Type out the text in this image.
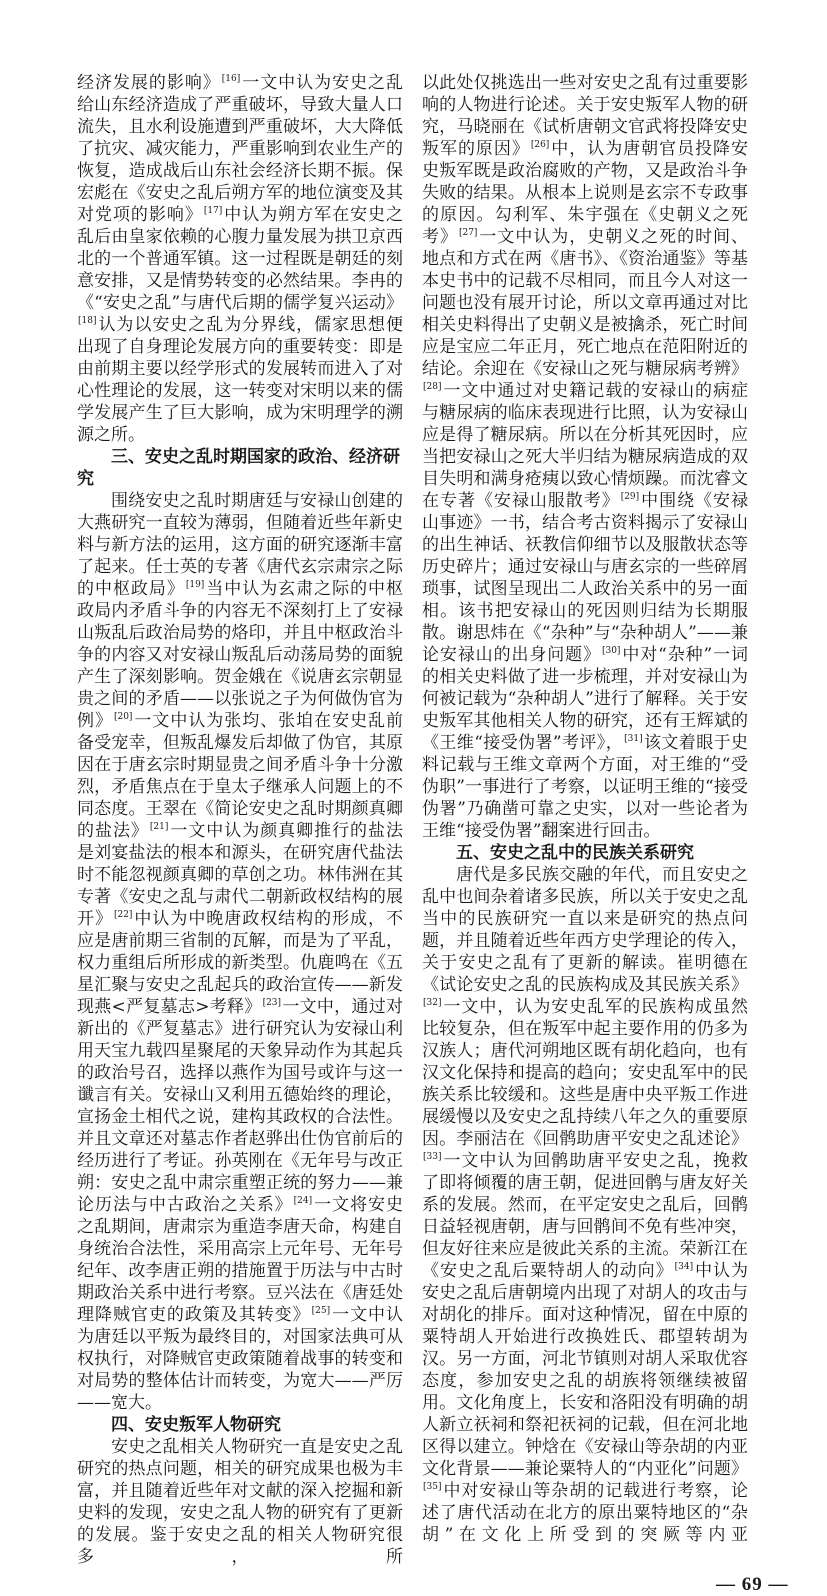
经济发展的影响》[16]一文中认为安史之乱给山东经济造成了严重破坏，导致大量人口流失，且水利设施遭到严重破坏，大大降低了抗灾、减灾能力，严重影响到农业生产的恢复，造成战后山东社会经济长期不振。保宏彪在《安史之乱后朔方军的地位演变及其对党项的影响》[17]中认为朔方军在安史之乱后由皇家依赖的心腹力量发展为拱卫京西北的一个普通军镇。这一过程既是朝廷的刻意安排，又是情势转变的必然结果。李冉的《“安史之乱”与唐代后期的儒学复兴运动》[18]认为以安史之乱为分界线，儒家思想便出现了自身理论发展方向的重要转变：即是由前期主要以经学形式的发展转而进入了对心性理论的发展，这一转变对宋明以来的儒学发展产生了巨大影响，成为宋明理学的溯源之所。

三、安史之乱时期国家的政治、经济研究

围绕安史之乱时期唐廷与安禄山创建的大燕研究一直较为薄弱，但随着近些年新史料与新方法的运用，这方面的研究逐渐丰富了起来。任士英的专著《唐代玄宗肃宗之际的中枢政局》[19]当中认为玄肃之际的中枢政局内矛盾斗争的内容无不深刻打上了安禄山叛乱后政治局势的烙印，并且中枢政治斗争的内容又对安禄山叛乱后动荡局势的面貌产生了深刻影响。贺金娥在《说唐玄宗朝显贵之间的矛盾——以张说之子为何做伪官为例》[20]一文中认为张均、张垍在安史乱前备受宠幸，但叛乱爆发后却做了伪官，其原因在于唐玄宗时期显贵之间矛盾斗争十分激烈，矛盾焦点在于皇太子继承人问题上的不同态度。王翠在《简论安史之乱时期颜真卿的盐法》[21]一文中认为颜真卿推行的盐法是刘宴盐法的根本和源头，在研究唐代盐法时不能忽视颜真卿的草创之功。林伟洲在其专著《安史之乱与肃代二朝新政权结构的展开》[22]中认为中晚唐政权结构的形成，不应是唐前期三省制的瓦解，而是为了平乱，权力重组后所形成的新类型。仇鹿鸣在《五星汇聚与安史之乱起兵的政治宣传——新发现燕<严复墓志>考释》[23]一文中，通过对新出的《严复墓志》进行研究认为安禄山利用天宝九载四星聚尾的天象异动作为其起兵的政治号召，选择以燕作为国号或许与这一谶言有关。安禄山又利用五德始终的理论，宣扬金土相代之说，建构其政权的合法性。并且文章还对墓志作者赵骅出仕伪官前后的经历进行了考证。孙英刚在《无年号与改正朔：安史之乱中肃宗重塑正统的努力——兼论历法与中古政治之关系》[24]一文将安史之乱期间，唐肃宗为重造李唐天命，构建自身统治合法性，采用高宗上元年号、无年号纪年、改李唐正朔的措施置于历法与中古时期政治关系中进行考察。豆兴法在《唐廷处理降贼官吏的政策及其转变》[25]一文中认为唐廷以平叛为最终目的，对国家法典可从权执行，对降贼官吏政策随着战事的转变和对局势的整体估计而转变，为宽大——严厉——宽大。

四、安史叛军人物研究

安史之乱相关人物研究一直是安史之乱研究的热点问题，相关的研究成果也极为丰富，并且随着近些年对文献的深入挖掘和新史料的发现，安史之乱人物的研究有了更新的发展。鉴于安史之乱的相关人物研究很多，所

以此处仅挑选出一些对安史之乱有过重要影响的人物进行论述。关于安史叛军人物的研究，马晓丽在《试析唐朝文官武将投降安史叛军的原因》[26]中，认为唐朝官员投降安史叛军既是政治腐败的产物，又是政治斗争失败的结果。从根本上说则是玄宗不专政事的原因。勾利军、朱宇强在《史朝义之死考》[27]一文中认为，史朝义之死的时间、地点和方式在两《唐书》、《资治通鉴》等基本史书中的记载不尽相同，而且今人对这一问题也没有展开讨论，所以文章再通过对比相关史料得出了史朝义是被擒杀，死亡时间应是宝应二年正月，死亡地点在范阳附近的结论。余迎在《安禄山之死与糖尿病考辨》[28]一文中通过对史籍记载的安禄山的病症与糖尿病的临床表现进行比照，认为安禄山应是得了糖尿病。所以在分析其死因时，应当把安禄山之死大半归结为糖尿病造成的双目失明和满身疮痍以致心情烦躁。而沈睿文在专著《安禄山服散考》[29]中围绕《安禄山事迹》一书，结合考古资料揭示了安禄山的出生神话、祆教信仰细节以及服散状态等历史碎片；通过安禄山与唐玄宗的一些碎屑琐事，试图呈现出二人政治关系中的另一面相。该书把安禄山的死因则归结为长期服散。谢思炜在《“杂种”与“杂种胡人”——兼论安禄山的出身问题》[30]中对“杂种”一词的相关史料做了进一步梳理，并对安禄山为何被记载为“杂种胡人”进行了解释。关于安史叛军其他相关人物的研究，还有王辉斌的《王维“接受伪署”考评》，[31]该文着眼于史料记载与王维文章两个方面，对王维的“受伪职”一事进行了考察，以证明王维的“接受伪署”乃确凿可靠之史实，以对一些论者为王维“接受伪署”翻案进行回击。

五、安史之乱中的民族关系研究

唐代是多民族交融的年代，而且安史之乱中也间杂着诸多民族，所以关于安史之乱当中的民族研究一直以来是研究的热点问题，并且随着近些年西方史学理论的传入，关于安史之乱有了更新的解读。崔明德在《试论安史之乱的民族构成及其民族关系》[32]一文中，认为安史乱军的民族构成虽然比较复杂，但在叛军中起主要作用的仍多为汉族人；唐代河朔地区既有胡化趋向，也有汉文化保持和提高的趋向；安史乱军中的民族关系比较缓和。这些是唐中央平叛工作进展缓慢以及安史之乱持续八年之久的重要原因。李丽洁在《回鹘助唐平安史之乱述论》[33]一文中认为回鹘助唐平安史之乱，挽救了即将倾覆的唐王朝，促进回鹘与唐友好关系的发展。然而，在平定安史之乱后，回鹘日益轻视唐朝，唐与回鹘间不免有些冲突，但友好往来应是彼此关系的主流。荣新江在《安史之乱后粟特胡人的动向》[34]中认为安史之乱后唐朝境内出现了对胡人的攻击与对胡化的排斥。面对这种情况，留在中原的粟特胡人开始进行改换姓氏、郡望转胡为汉。另一方面，河北节镇则对胡人采取优容态度，参加安史之乱的胡族将领继续被留用。文化角度上，长安和洛阳没有明确的胡人新立祆祠和祭祀祆祠的记载，但在河北地区得以建立。钟焓在《安禄山等杂胡的内亚文化背景——兼论粟特人的“内亚化”问题》[35]中对安禄山等杂胡的记载进行考察，论述了唐代活动在北方的原出粟特地区的“杂胡”在文化上所受到的突厥等内亚

— 69 —
